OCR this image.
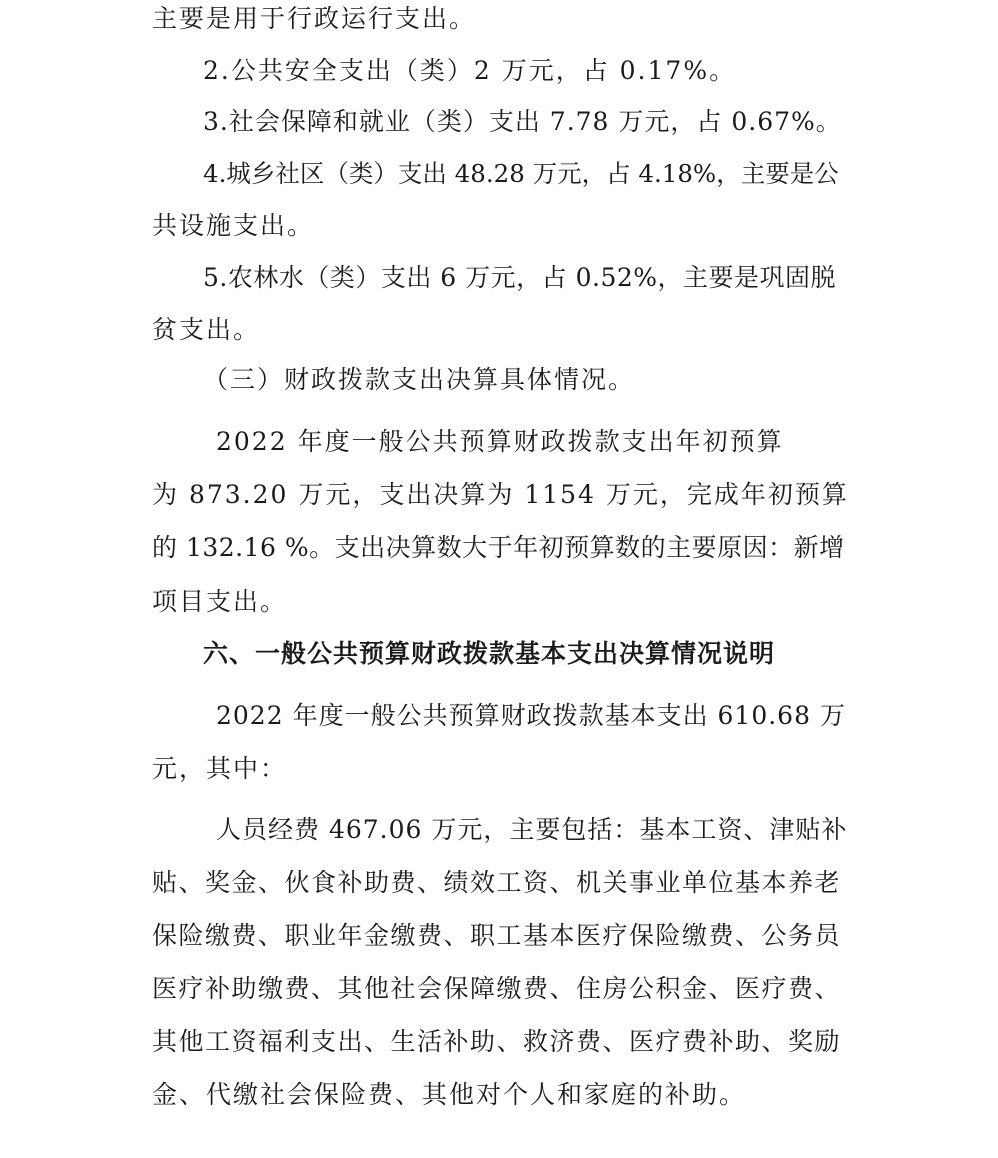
主要是用于行政运行支出。
2.公共安全支出（类）2 万元，占 0.17%。
3.社会保障和就业（类）支出 7.78 万元，占 0.67%。
4.城乡社区（类）支出 48.28 万元，占 4.18%，主要是公
共设施支出。
5.农林水（类）支出 6 万元，占 0.52%，主要是巩固脱
贫支出。
（三）财政拨款支出决算具体情况。
2022 年度一般公共预算财政拨款支出年初预算
为 873.20 万元，支出决算为 1154 万元，完成年初预算
的 132.16 %。支出决算数大于年初预算数的主要原因：新增
项目支出。
六、一般公共预算财政拨款基本支出决算情况说明
2022 年度一般公共预算财政拨款基本支出 610.68 万
元，其中：
人员经费 467.06 万元，主要包括：基本工资、津贴补
贴、奖金、伙食补助费、绩效工资、机关事业单位基本养老
保险缴费、职业年金缴费、职工基本医疗保险缴费、公务员
医疗补助缴费、其他社会保障缴费、住房公积金、医疗费、
其他工资福利支出、生活补助、救济费、医疗费补助、奖励
金、代缴社会保险费、其他对个人和家庭的补助。
